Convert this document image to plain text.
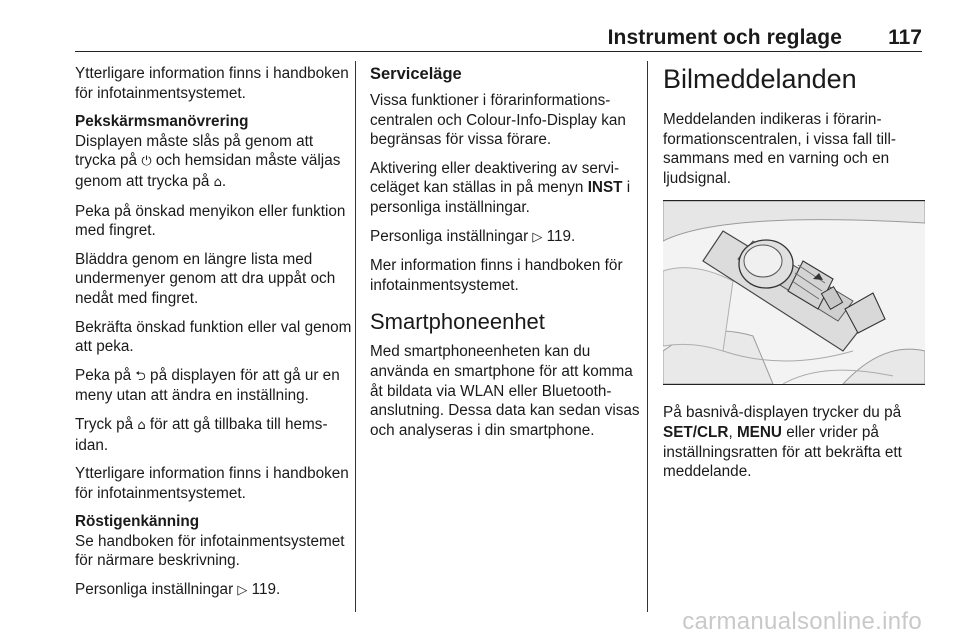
Instrument och reglage 117

Ytterligare information finns i handboken för infotainmentsystemet.

Pekskärmsmanövrering

Displayen måste slås på genom att trycka på ⏻ och hemsidan måste väljas genom att trycka på ⌂.

Peka på önskad menyikon eller funktion med fingret.

Bläddra genom en längre lista med undermenyer genom att dra uppåt och nedåt med fingret.

Bekräfta önskad funktion eller val genom att peka.

Peka på ⮌ på displayen för att gå ur en meny utan att ändra en inställning.

Tryck på ⌂ för att gå tillbaka till hemsidan.

Ytterligare information finns i handboken för infotainmentsystemet.

Röstigenkänning

Se handboken för infotainmentsystemet för närmare beskrivning.

Personliga inställningar ▷ 119.

Serviceläge

Vissa funktioner i förarinformationscentralen och Colour-Info-Display kan begränsas för vissa förare.

Aktivering eller deaktivering av serviceläget kan ställas in på menyn INST i personliga inställningar.

Personliga inställningar ▷ 119.

Mer information finns i handboken för infotainmentsystemet.

Smartphoneenhet

Med smartphoneenheten kan du använda en smartphone för att komma åt bildata via WLAN eller Bluetooth-anslutning. Dessa data kan sedan visas och analyseras i din smartphone.

Bilmeddelanden

Meddelanden indikeras i förarinformationscentralen, i vissa fall tillsammans med en varning och en ljudsignal.

På basnivå-displayen trycker du på SET/CLR, MENU eller vrider på inställningsratten för att bekräfta ett meddelande.

carmanualsonline.info
